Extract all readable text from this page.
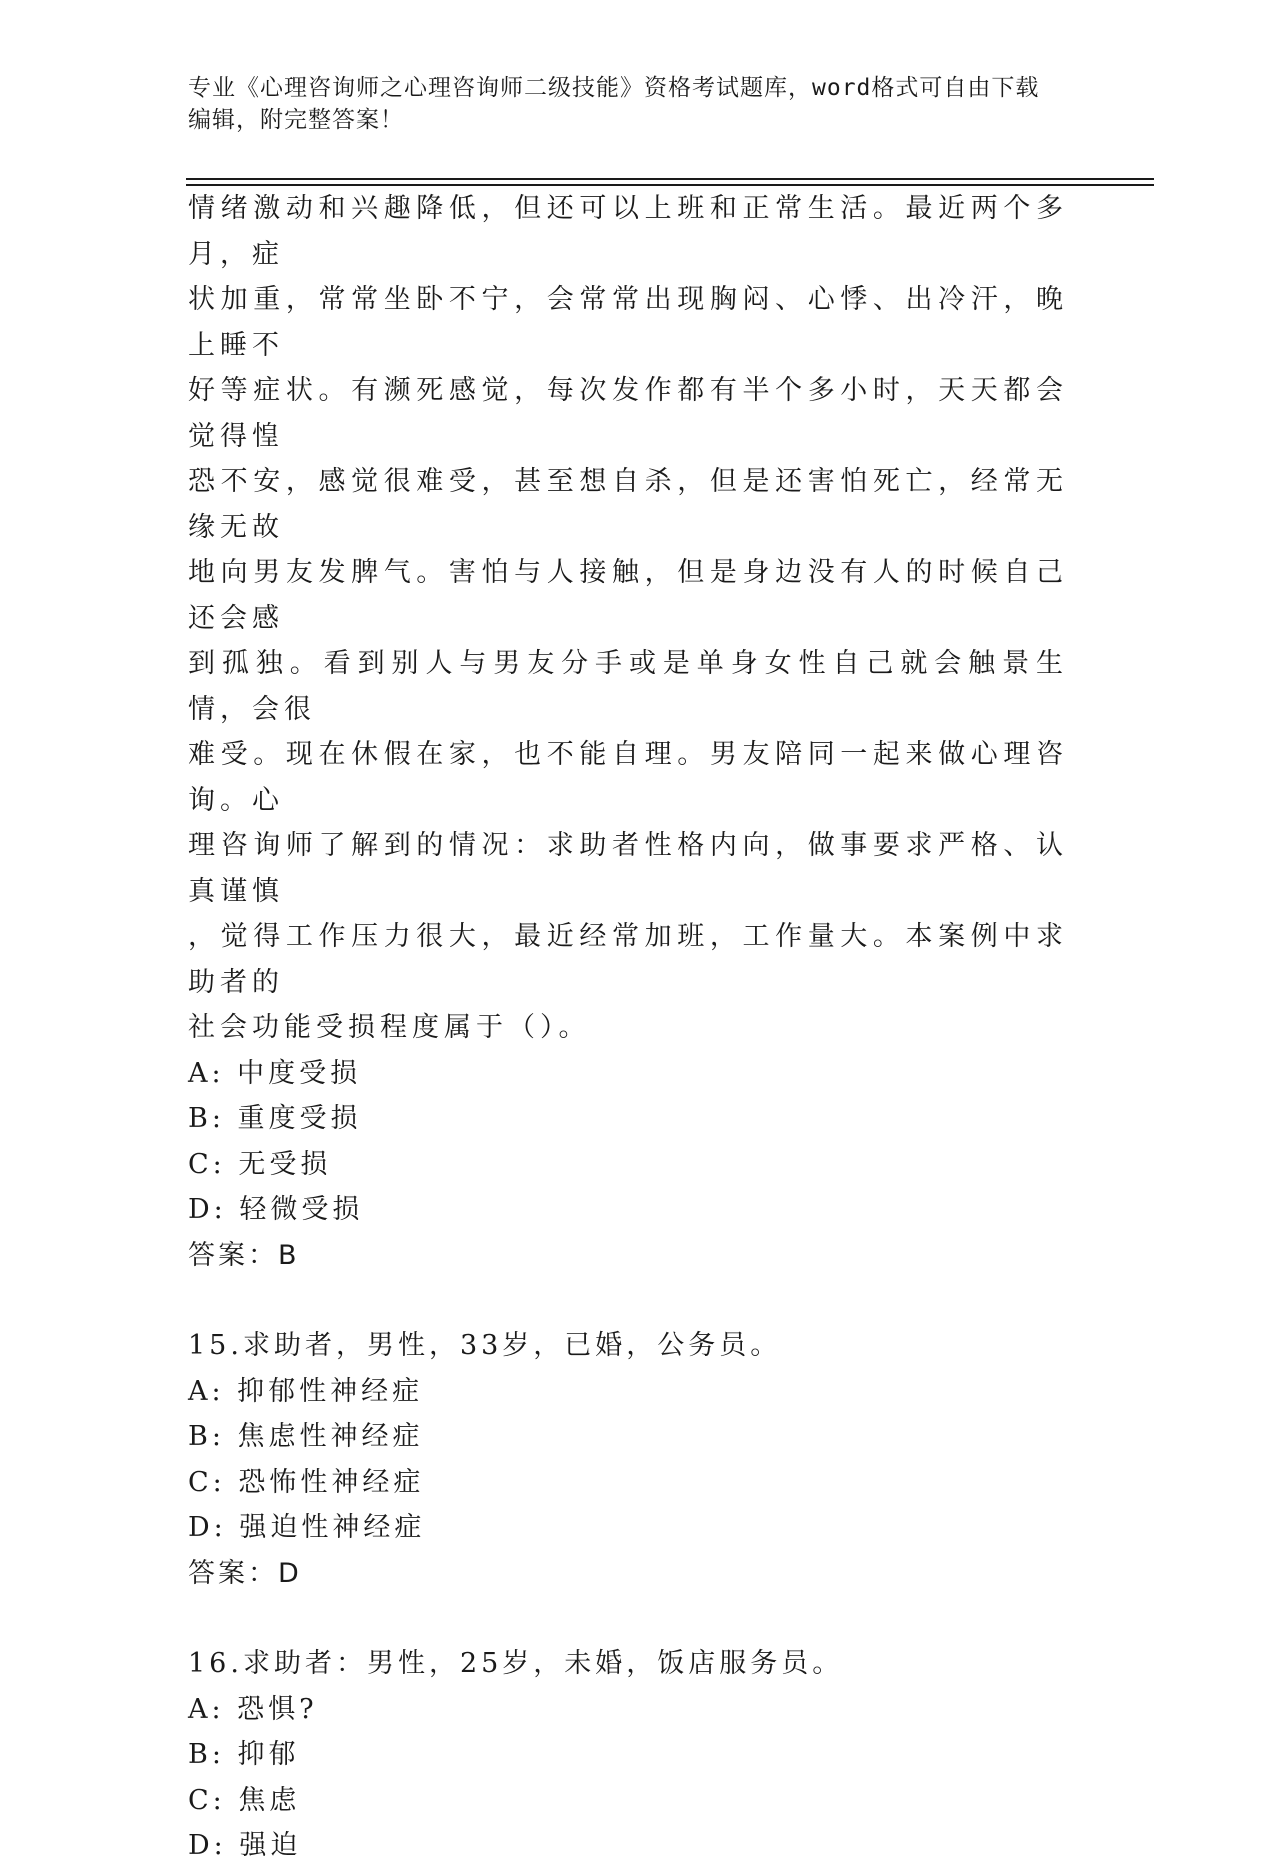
专业《心理咨询师之心理咨询师二级技能》资格考试题库，word格式可自由下载
编辑，附完整答案！
情绪激动和兴趣降低，但还可以上班和正常生活。最近两个多月，症
状加重，常常坐卧不宁，会常常出现胸闷、心悸、出冷汗，晚上睡不
好等症状。有濒死感觉，每次发作都有半个多小时，天天都会觉得惶
恐不安，感觉很难受，甚至想自杀，但是还害怕死亡，经常无缘无故
地向男友发脾气。害怕与人接触，但是身边没有人的时候自己还会感
到孤独。看到别人与男友分手或是单身女性自己就会触景生情，会很
难受。现在休假在家，也不能自理。男友陪同一起来做心理咨询。心
理咨询师了解到的情况：求助者性格内向，做事要求严格、认真谨慎
，觉得工作压力很大，最近经常加班，工作量大。本案例中求助者的
社会功能受损程度属于（）。
A: 中度受损
B: 重度受损
C: 无受损
D: 轻微受损
答案：B
15.求助者，男性，33岁，已婚，公务员。
A: 抑郁性神经症
B: 焦虑性神经症
C: 恐怖性神经症
D: 强迫性神经症
答案：D
16.求助者：男性，25岁，未婚，饭店服务员。
A: 恐惧?
B: 抑郁
C: 焦虑
D: 强迫
